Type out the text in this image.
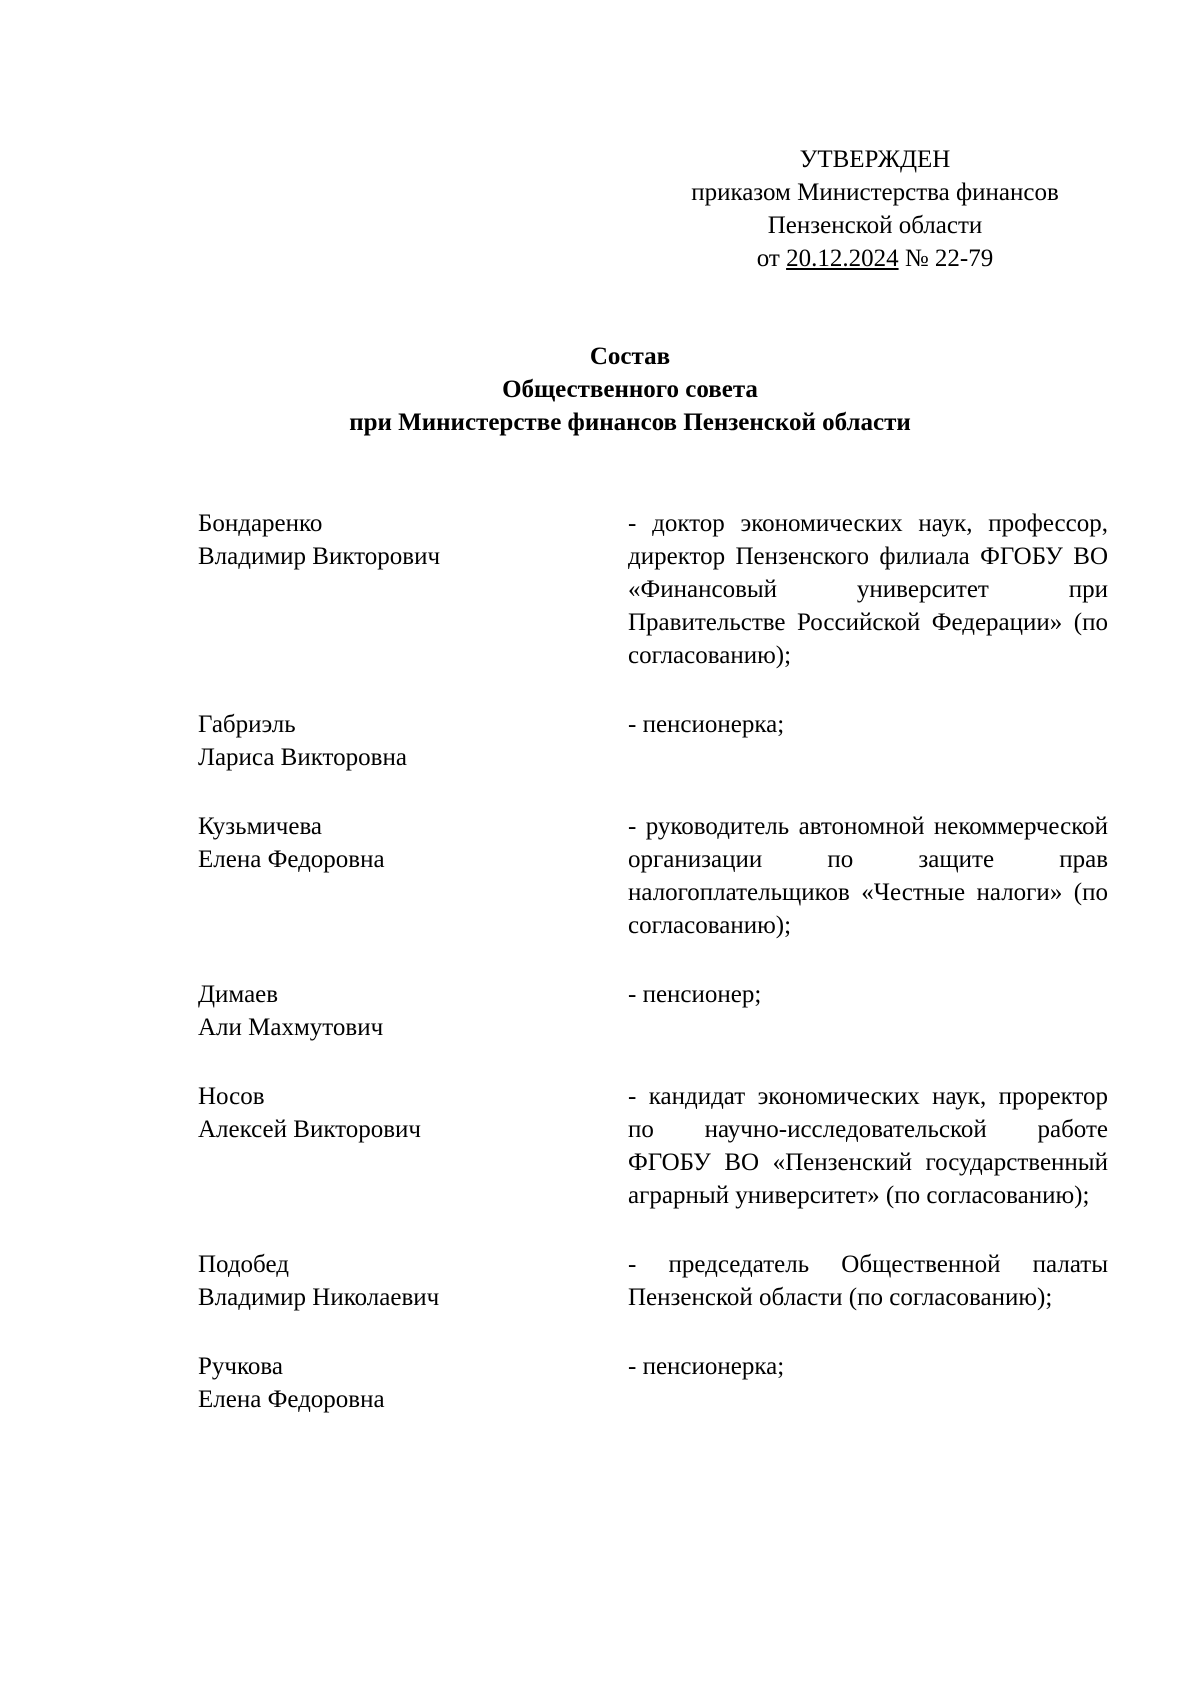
УТВЕРЖДЕН
приказом Министерства финансов
Пензенской области
от 20.12.2024 № 22-79
Состав
Общественного совета
при Министерстве финансов Пензенской области
Бондаренко
Владимир Викторович
- доктор экономических наук, профессор, директор Пензенского филиала ФГОБУ ВО «Финансовый университет при Правительстве Российской Федерации» (по согласованию);
Габриэль
Лариса Викторовна
- пенсионерка;
Кузьмичева
Елена Федоровна
- руководитель автономной некоммерческой организации по защите прав налогоплательщиков «Честные налоги» (по согласованию);
Димаев
Али Махмутович
- пенсионер;
Носов
Алексей Викторович
- кандидат экономических наук, проректор по научно-исследовательской работе ФГОБУ ВО «Пензенский государственный аграрный университет» (по согласованию);
Подобед
Владимир Николаевич
- председатель Общественной палаты Пензенской области (по согласованию);
Ручкова
Елена Федоровна
- пенсионерка;
